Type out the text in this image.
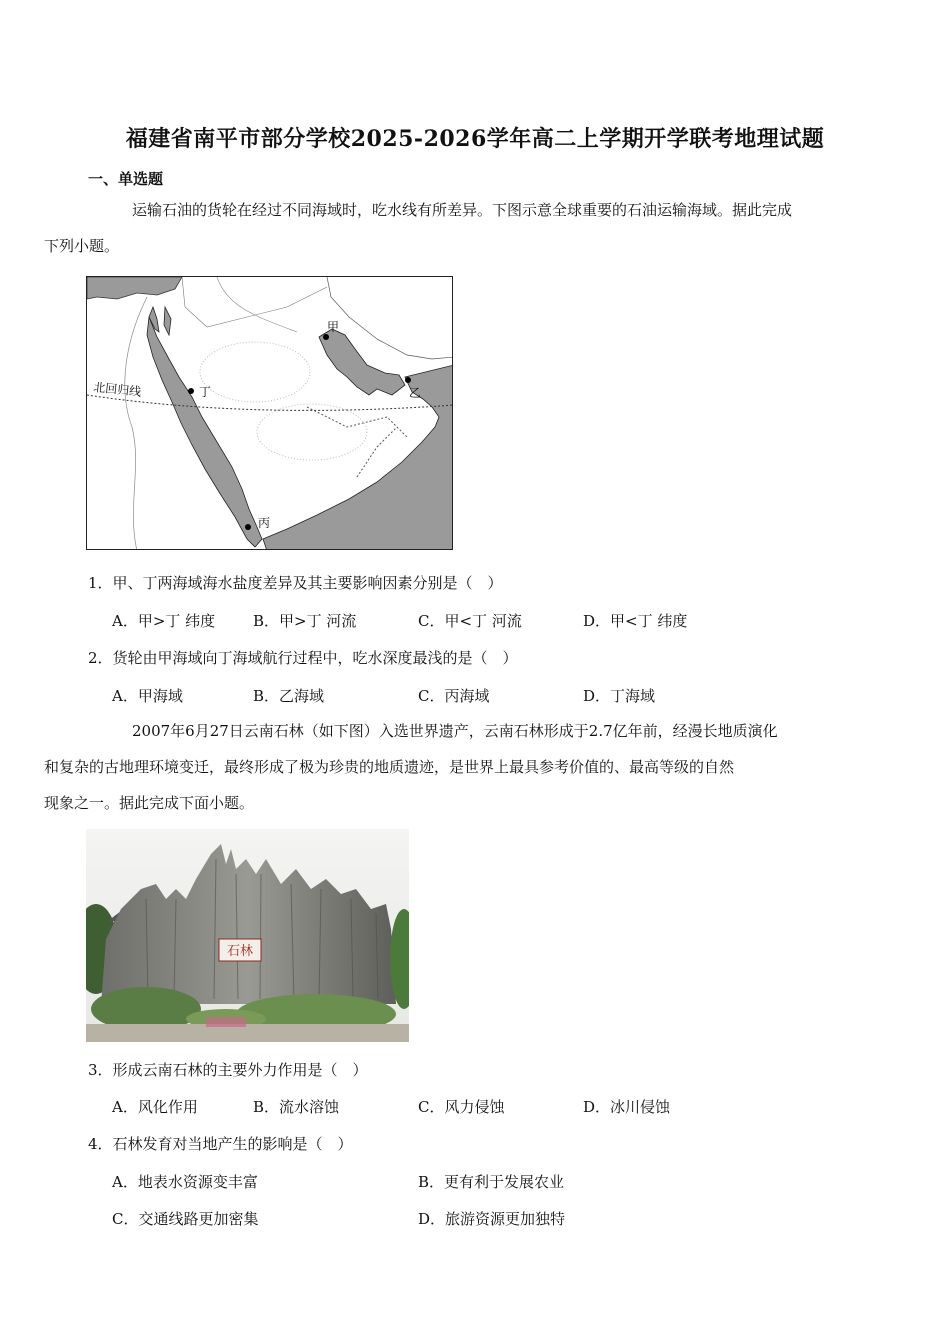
福建省南平市部分学校2025-2026学年高二上学期开学联考地理试题
一、单选题
运输石油的货轮在经过不同海域时，吃水线有所差异。下图示意全球重要的石油运输海域。据此完成
下列小题。
北回归线
甲
乙
丙
丁
1．甲、丁两海域海水盐度差异及其主要影响因素分别是（　）
A．甲>丁 纬度	B．甲>丁 河流	C．甲<丁 河流	D．甲<丁 纬度
2．货轮由甲海域向丁海域航行过程中，吃水深度最浅的是（　）
A．甲海域	B．乙海域	C．丙海域	D．丁海域
2007年6月27日云南石林（如下图）入选世界遗产，云南石林形成于2.7亿年前，经漫长地质演化
和复杂的古地理环境变迁，最终形成了极为珍贵的地质遗迹，是世界上最具参考价值的、最高等级的自然
现象之一。据此完成下面小题。
石林
3．形成云南石林的主要外力作用是（　）
A．风化作用	B．流水溶蚀	C．风力侵蚀	D．冰川侵蚀
4．石林发育对当地产生的影响是（　）
A．地表水资源变丰富	B．更有利于发展农业
C．交通线路更加密集	D．旅游资源更加独特
